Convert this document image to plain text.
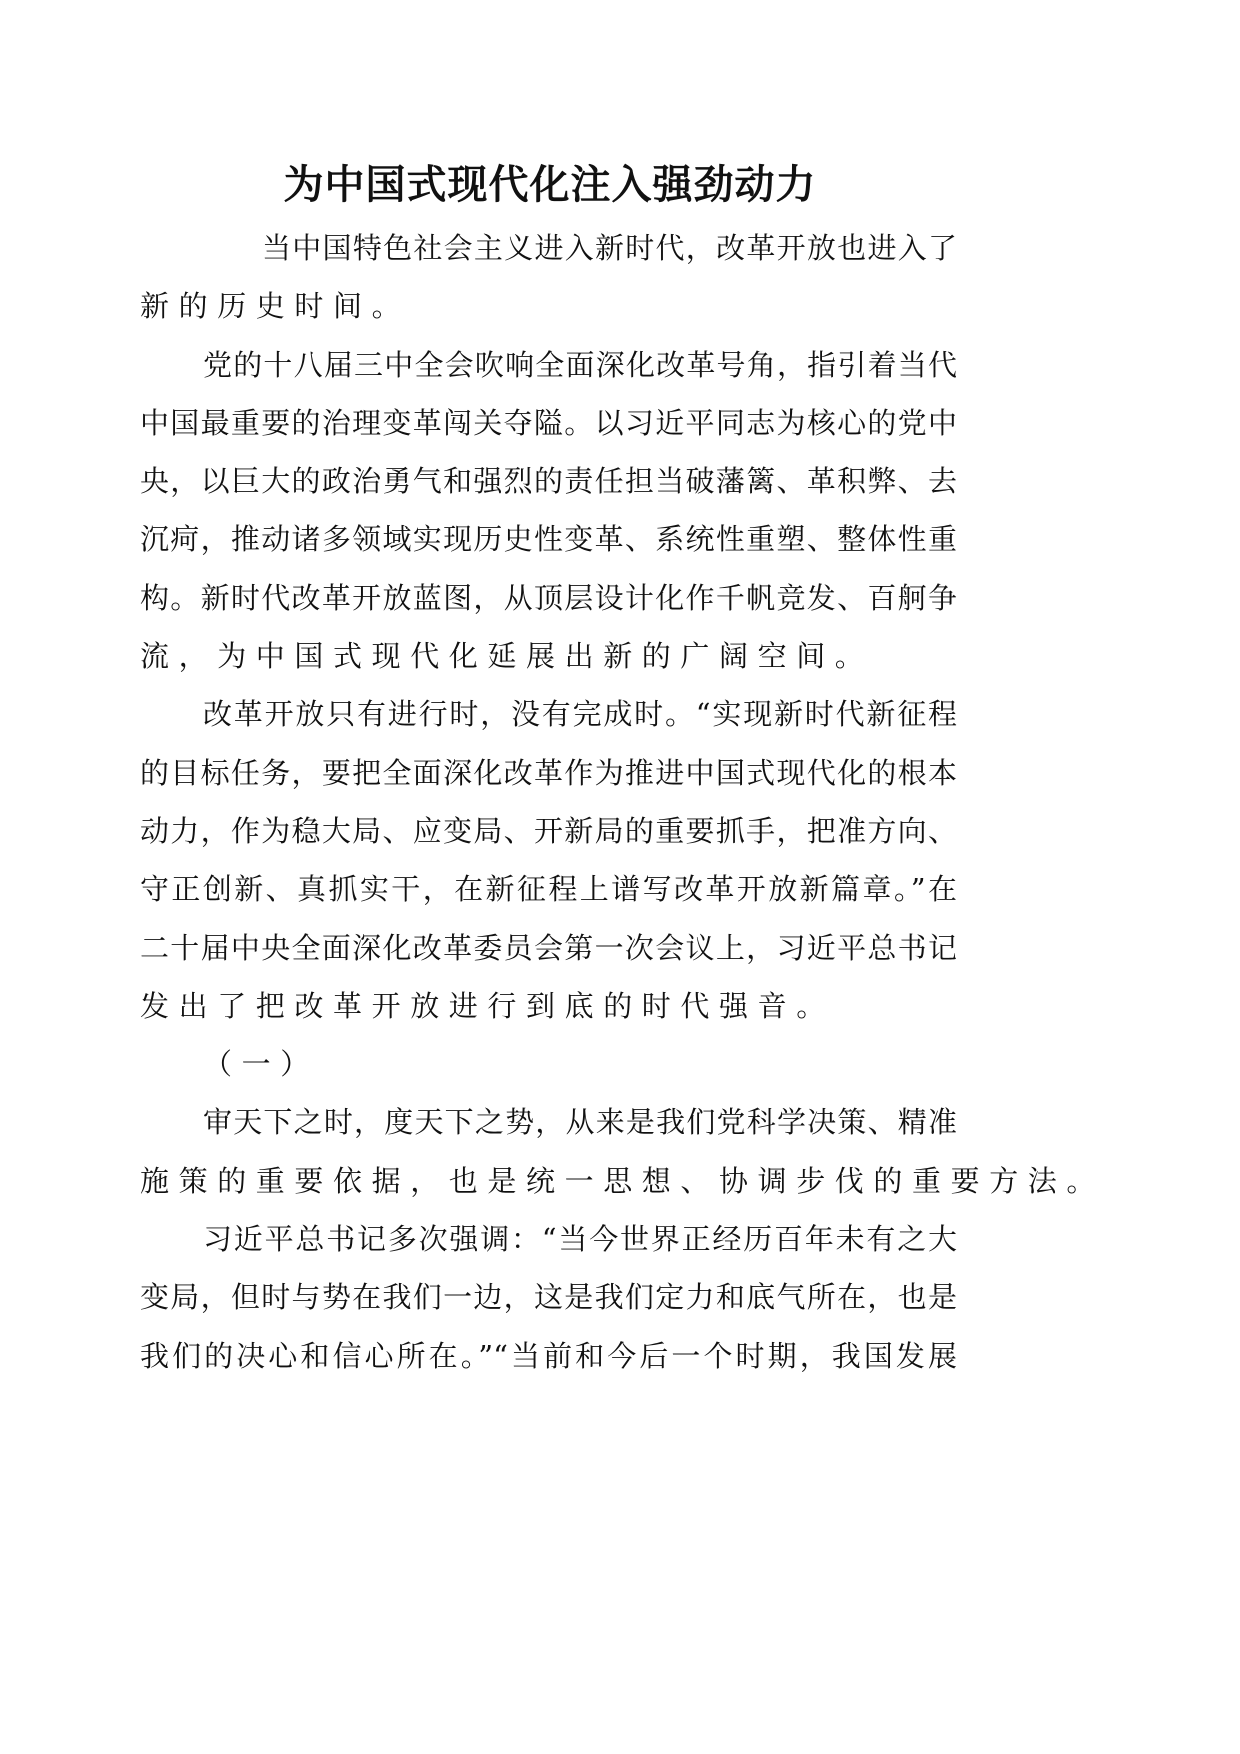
为中国式现代化注入强劲动力
当中国特色社会主义进入新时代，改革开放也进入了
新的历史时间。
党的十八届三中全会吹响全面深化改革号角，指引着当代
中国最重要的治理变革闯关夺隘。以习近平同志为核心的党中
央，以巨大的政治勇气和强烈的责任担当破藩篱、革积弊、去
沉疴，推动诸多领域实现历史性变革、系统性重塑、整体性重
构。新时代改革开放蓝图，从顶层设计化作千帆竞发、百舸争
流，为中国式现代化延展出新的广阔空间。
改革开放只有进行时，没有完成时。“实现新时代新征程
的目标任务，要把全面深化改革作为推进中国式现代化的根本
动力，作为稳大局、应变局、开新局的重要抓手，把准方向、
守正创新、真抓实干，在新征程上谱写改革开放新篇章。”在
二十届中央全面深化改革委员会第一次会议上，习近平总书记
发出了把改革开放进行到底的时代强音。
（一）
审天下之时，度天下之势，从来是我们党科学决策、精准
施策的重要依据，也是统一思想、协调步伐的重要方法。
习近平总书记多次强调：“当今世界正经历百年未有之大
变局，但时与势在我们一边，这是我们定力和底气所在，也是
我们的决心和信心所在。”“当前和今后一个时期，我国发展
